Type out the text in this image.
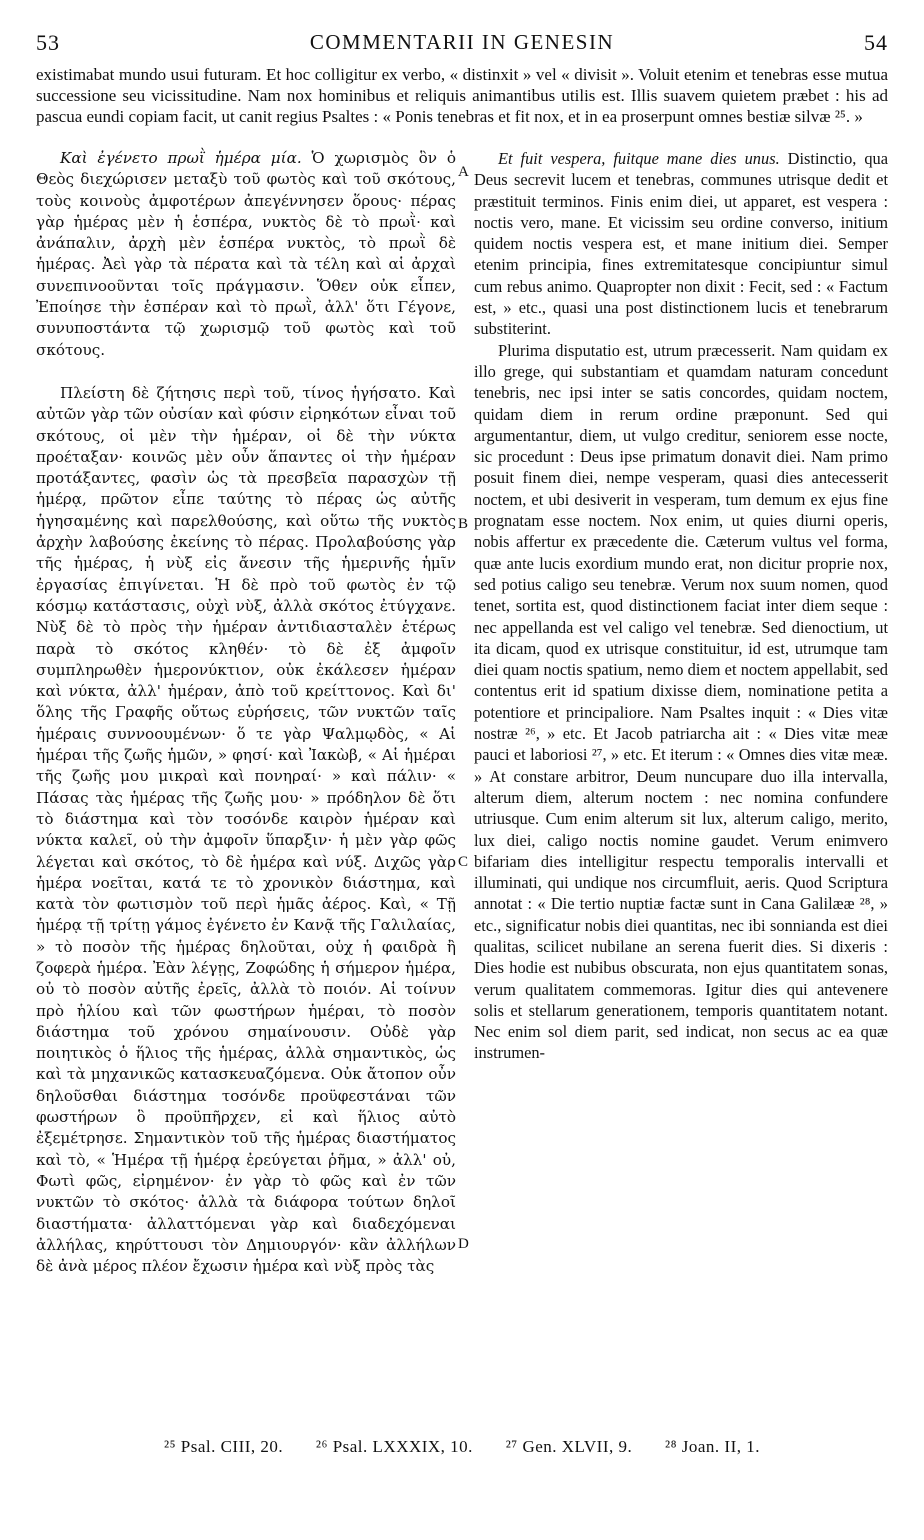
53	COMMENTARII IN GENESIN	54

existimabat mundo usui futuram. Et hoc colligitur ex verbo, « distinxit » vel « divisit ». Voluit etenim et tenebras esse mutua successione seu vicissitudine. Nam nox hominibus et reliquis animantibus utilis est. Illis suavem quietem præbet : his ad pascua eundi copiam facit, ut canit regius Psaltes : « Ponis tenebras et fit nox, et in ea proserpunt omnes bestiæ silvæ ²⁵. »

Καὶ ἐγένετο πρωῒ ἡμέρα μία. Ὁ χωρισμὸς ὃν ὁ Θεὸς διεχώρισεν μεταξὺ τοῦ φωτὸς καὶ τοῦ σκότους, τοὺς κοινοὺς ἀμφοτέρων ἀπεγέννησεν ὅρους· πέρας γὰρ ἡμέρας μὲν ἡ ἑσπέρα, νυκτὸς δὲ τὸ πρωῒ· καὶ ἀνάπαλιν, ἀρχὴ μὲν ἑσπέρα νυκτὸς, τὸ πρωῒ δὲ ἡμέρας. Ἀεὶ γὰρ τὰ πέρατα καὶ τὰ τέλη καὶ αἱ ἀρχαὶ συνεπινοοῦνται τοῖς πράγμασιν. Ὅθεν οὐκ εἶπεν, Ἐποίησε τὴν ἑσπέραν καὶ τὸ πρωῒ, ἀλλ' ὅτι Γέγονε, συνυποστάντα τῷ χωρισμῷ τοῦ φωτὸς καὶ τοῦ σκότους.

Πλείστη δὲ ζήτησις περὶ τοῦ, τίνος ἡγήσατο. Καὶ αὐτῶν γὰρ τῶν οὐσίαν καὶ φύσιν εἰρηκότων εἶναι τοῦ σκότους, οἱ μὲν τὴν ἡμέραν, οἱ δὲ τὴν νύκτα προέταξαν· κοινῶς μὲν οὖν ἅπαντες οἱ τὴν ἡμέραν προτάξαντες, φασὶν ὡς τὰ πρεσβεῖα παρασχὼν τῇ ἡμέρᾳ, πρῶτον εἶπε ταύτης τὸ πέρας ὡς αὐτῆς ἡγησαμένης καὶ παρελθούσης, καὶ οὕτω τῆς νυκτὸς ἀρχὴν λαβούσης ἐκείνης τὸ πέρας. Προλαβούσης γὰρ τῆς ἡμέρας, ἡ νὺξ εἰς ἄνεσιν τῆς ἡμερινῆς ἡμῖν ἐργασίας ἐπιγίνεται. Ἡ δὲ πρὸ τοῦ φωτὸς ἐν τῷ κόσμῳ κατάστασις, οὐχὶ νὺξ, ἀλλὰ σκότος ἐτύγχανε. Νὺξ δὲ τὸ πρὸς τὴν ἡμέραν ἀντιδιασταλὲν ἑτέρως παρὰ τὸ σκότος κληθέν· τὸ δὲ ἐξ ἀμφοῖν συμπληρωθὲν ἡμερονύκτιον, οὐκ ἐκάλεσεν ἡμέραν καὶ νύκτα, ἀλλ' ἡμέραν, ἀπὸ τοῦ κρείττονος. Καὶ δι' ὅλης τῆς Γραφῆς οὕτως εὑρήσεις, τῶν νυκτῶν ταῖς ἡμέραις συννοουμένων· ὅ τε γὰρ Ψαλμῳδὸς, « Αἱ ἡμέραι τῆς ζωῆς ἡμῶν, » φησί· καὶ Ἰακὼβ, « Αἱ ἡμέραι τῆς ζωῆς μου μικραὶ καὶ πονηραί· » καὶ πάλιν· « Πάσας τὰς ἡμέρας τῆς ζωῆς μου· » πρόδηλον δὲ ὅτι τὸ διάστημα καὶ τὸν τοσόνδε καιρὸν ἡμέραν καὶ νύκτα καλεῖ, οὐ τὴν ἀμφοῖν ὕπαρξιν· ἡ μὲν γὰρ φῶς λέγεται καὶ σκότος, τὸ δὲ ἡμέρα καὶ νύξ. Διχῶς γὰρ ἡμέρα νοεῖται, κατά τε τὸ χρονικὸν διάστημα, καὶ κατὰ τὸν φωτισμὸν τοῦ περὶ ἡμᾶς ἀέρος. Καὶ, « Τῇ ἡμέρᾳ τῇ τρίτῃ γάμος ἐγένετο ἐν Κανᾷ τῆς Γαλιλαίας, » τὸ ποσὸν τῆς ἡμέρας δηλοῦται, οὐχ ἡ φαιδρὰ ἢ ζοφερὰ ἡμέρα. Ἐὰν λέγῃς, Ζοφώδης ἡ σήμερον ἡμέρα, οὐ τὸ ποσὸν αὐτῆς ἐρεῖς, ἀλλὰ τὸ ποιόν. Αἱ τοίνυν πρὸ ἡλίου καὶ τῶν φωστήρων ἡμέραι, τὸ ποσὸν διάστημα τοῦ χρόνου σημαίνουσιν. Οὐδὲ γὰρ ποιητικὸς ὁ ἥλιος τῆς ἡμέρας, ἀλλὰ σημαντικὸς, ὡς καὶ τὰ μηχανικῶς κατασκευαζόμενα. Οὐκ ἄτοπον οὖν δηλοῦσθαι διάστημα τοσόνδε προϋφεστάναι τῶν φωστήρων ὃ προϋπῆρχεν, εἰ καὶ ἥλιος αὐτὸ ἐξεμέτρησε. Σημαντικὸν τοῦ τῆς ἡμέρας διαστήματος καὶ τὸ, « Ἡμέρα τῇ ἡμέρᾳ ἐρεύγεται ῥῆμα, » ἀλλ' οὐ, Φωτὶ φῶς, εἰρημένον· ἐν γὰρ τὸ φῶς καὶ ἐν τῶν νυκτῶν τὸ σκότος· ἀλλὰ τὰ διάφορα τούτων δηλοῖ διαστήματα· ἀλλαττόμεναι γὰρ καὶ διαδεχόμεναι ἀλλήλας, κηρύττουσι τὸν Δημιουργόν· κἂν ἀλλήλων δὲ ἀνὰ μέρος πλέον ἔχωσιν ἡμέρα καὶ νὺξ πρὸς τὰς

A
B
C
D

Et fuit vespera, fuitque mane dies unus. Distinctio, qua Deus secrevit lucem et tenebras, communes utrisque dedit et præstituit terminos. Finis enim diei, ut apparet, est vespera : noctis vero, mane. Et vicissim seu ordine converso, initium quidem noctis vespera est, et mane initium diei. Semper etenim principia, fines extremitatesque concipiuntur simul cum rebus animo. Quapropter non dixit : Fecit, sed : « Factum est, » etc., quasi una post distinctionem lucis et tenebrarum substiterint.

Plurima disputatio est, utrum præcesserit. Nam quidam ex illo grege, qui substantiam et quamdam naturam concedunt tenebris, nec ipsi inter se satis concordes, quidam noctem, quidam diem in rerum ordine præponunt. Sed qui argumentantur, diem, ut vulgo creditur, seniorem esse nocte, sic procedunt : Deus ipse primatum donavit diei. Nam primo posuit finem diei, nempe vesperam, quasi dies antecesserit noctem, et ubi desiverit in vesperam, tum demum ex ejus fine prognatam esse noctem. Nox enim, ut quies diurni operis, nobis affertur ex præcedente die. Cæterum vultus vel forma, quæ ante lucis exordium mundo erat, non dicitur proprie nox, sed potius caligo seu tenebræ. Verum nox suum nomen, quod tenet, sortita est, quod distinctionem faciat inter diem seque : nec appellanda est vel caligo vel tenebræ. Sed dienoctium, ut ita dicam, quod ex utrisque constituitur, id est, utrumque tam diei quam noctis spatium, nemo diem et noctem appellabit, sed contentus erit id spatium dixisse diem, nominatione petita a potentiore et principaliore. Nam Psaltes inquit : « Dies vitæ nostræ ²⁶, » etc. Et Jacob patriarcha ait : « Dies vitæ meæ pauci et laboriosi ²⁷, » etc. Et iterum : « Omnes dies vitæ meæ. » At constare arbitror, Deum nuncupare duo illa intervalla, alterum diem, alterum noctem : nec nomina confundere utriusque. Cum enim alterum sit lux, alterum caligo, merito, lux diei, caligo noctis nomine gaudet. Verum enimvero bifariam dies intelligitur respectu temporalis intervalli et illuminati, qui undique nos circumfluit, aeris. Quod Scriptura annotat : « Die tertio nuptiæ factæ sunt in Cana Galilææ ²⁸, » etc., significatur nobis diei quantitas, nec ibi sonnianda est diei qualitas, scilicet nubilane an serena fuerit dies. Si dixeris : Dies hodie est nubibus obscurata, non ejus quantitatem sonas, verum qualitatem commemoras. Igitur dies qui antevenere solis et stellarum generationem, temporis quantitatem notant. Nec enim sol diem parit, sed indicat, non secus ac ea quæ instrumen-

²⁵ Psal. CIII, 20. ²⁶ Psal. LXXXIX, 10. ²⁷ Gen. XLVII, 9. ²⁸ Joan. II, 1.
